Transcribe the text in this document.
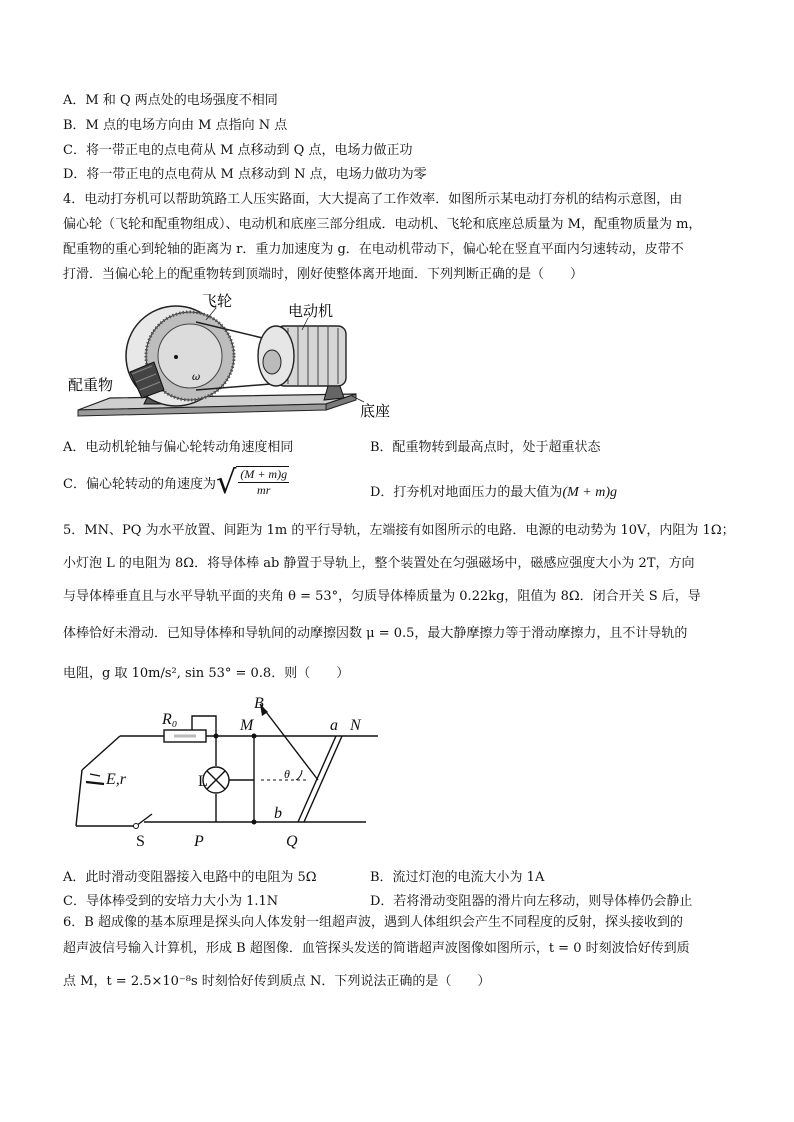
A．M 和 Q 两点处的电场强度不相同
B．M 点的电场方向由 M 点指向 N 点
C．将一带正电的点电荷从 M 点移动到 Q 点，电场力做正功
D．将一带正电的点电荷从 M 点移动到 N 点，电场力做功为零
4．电动打夯机可以帮助筑路工人压实路面，大大提高了工作效率．如图所示某电动打夯机的结构示意图，由
偏心轮（飞轮和配重物组成）、电动机和底座三部分组成．电动机、飞轮和底座总质量为 M，配重物质量为 m，
配重物的重心到轮轴的距离为 r．重力加速度为 g．在电动机带动下，偏心轮在竖直平面内匀速转动，皮带不
打滑．当偏心轮上的配重物转到顶端时，刚好使整体离开地面．下列判断正确的是（　　）
飞轮
电动机
配重物
底座
ω
A．电动机轮轴与偏心轮转动角速度相同	B．配重物转到最高点时，处于超重状态
C．偏心轮转动的角速度为 √ $\frac{(M + m)g}{mr}$	D．打夯机对地面压力的最大值为(M + m)g
5．MN、PQ 为水平放置、间距为 1m 的平行导轨，左端接有如图所示的电路．电源的电动势为 10V，内阻为 1Ω；
小灯泡 L 的电阻为 8Ω．将导体棒 ab 静置于导轨上，整个装置处在匀强磁场中，磁感应强度大小为 2T，方向
与导体棒垂直且与水平导轨平面的夹角 θ = 53°，匀质导体棒质量为 0.22kg，阻值为 8Ω．闭合开关 S 后，导
体棒恰好未滑动．已知导体棒和导轨间的动摩擦因数 μ = 0.5，最大静摩擦力等于滑动摩擦力，且不计导轨的
电阻，g 取 10m/s², sin 53° = 0.8．则（　　）
R₀
B
M	a N
E,r	L	θ
b
S	P	Q
A．此时滑动变阻器接入电路中的电阻为 5Ω	B．流过灯泡的电流大小为 1A
C．导体棒受到的安培力大小为 1.1N	D．若将滑动变阻器的滑片向左移动，则导体棒仍会静止
6．B 超成像的基本原理是探头向人体发射一组超声波，遇到人体组织会产生不同程度的反射，探头接收到的
超声波信号输入计算机，形成 B 超图像．血管探头发送的简谐超声波图像如图所示，t = 0 时刻波恰好传到质
点 M，t = 2.5×10⁻⁸s 时刻恰好传到质点 N．下列说法正确的是（　　）
